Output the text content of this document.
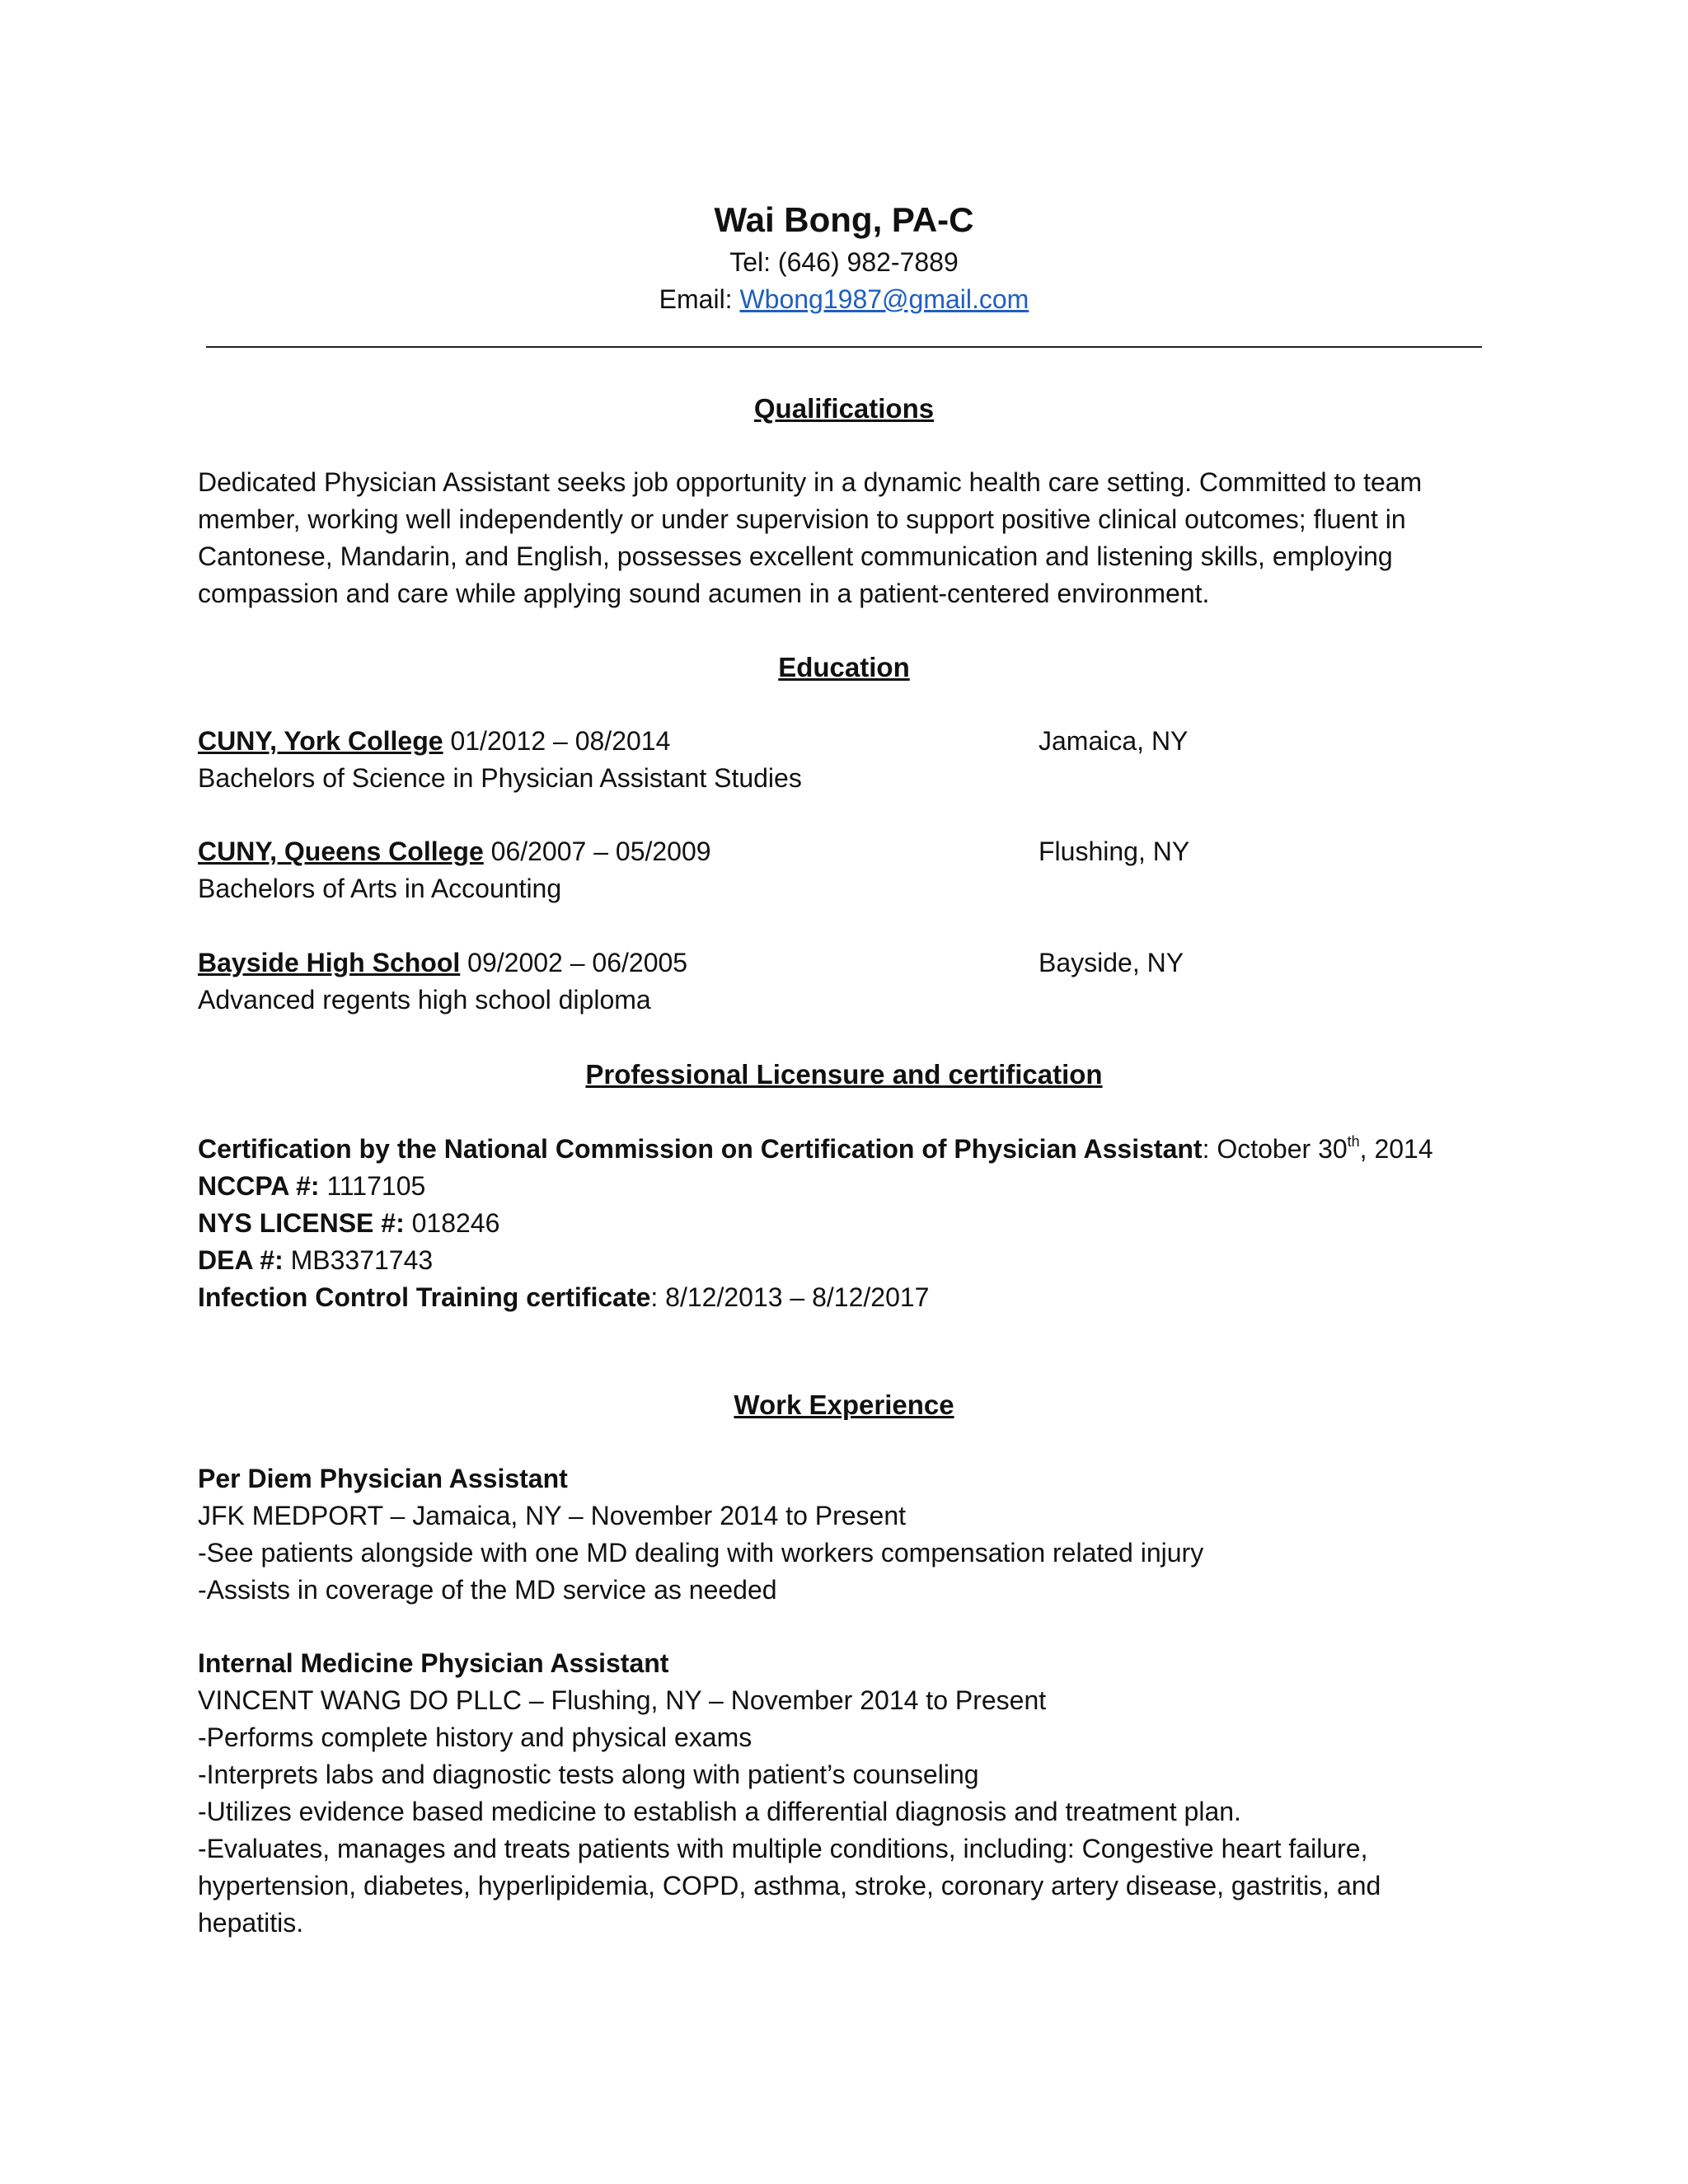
Wai Bong, PA-C
Tel: (646) 982-7889
Email: Wbong1987@gmail.com
Qualifications
Dedicated Physician Assistant seeks job opportunity in a dynamic health care setting. Committed to team member, working well independently or under supervision to support positive clinical outcomes; fluent in Cantonese, Mandarin, and English, possesses excellent communication and listening skills, employing compassion and care while applying sound acumen in a patient-centered environment.
Education
CUNY, York College 01/2012 – 08/2014	Jamaica, NY
Bachelors of Science in Physician Assistant Studies
CUNY, Queens College 06/2007 – 05/2009	Flushing, NY
Bachelors of Arts in Accounting
Bayside High School 09/2002 – 06/2005	Bayside, NY
Advanced regents high school diploma
Professional Licensure and certification
Certification by the National Commission on Certification of Physician Assistant: October 30th, 2014
NCCPA #: 1117105
NYS LICENSE #: 018246
DEA #: MB3371743
Infection Control Training certificate: 8/12/2013 – 8/12/2017
Work Experience
Per Diem Physician Assistant
JFK MEDPORT – Jamaica, NY – November 2014 to Present

-See patients alongside with one MD dealing with workers compensation related injury

-Assists in coverage of the MD service as needed

Internal Medicine Physician Assistant
VINCENT WANG DO PLLC – Flushing, NY – November 2014 to Present

-Performs complete history and physical exams

-Interprets labs and diagnostic tests along with patient’s counseling

-Utilizes evidence based medicine to establish a differential diagnosis and treatment plan.

-Evaluates, manages and treats patients with multiple conditions, including: Congestive heart failure, hypertension, diabetes, hyperlipidemia, COPD, asthma, stroke, coronary artery disease, gastritis, and hepatitis.
